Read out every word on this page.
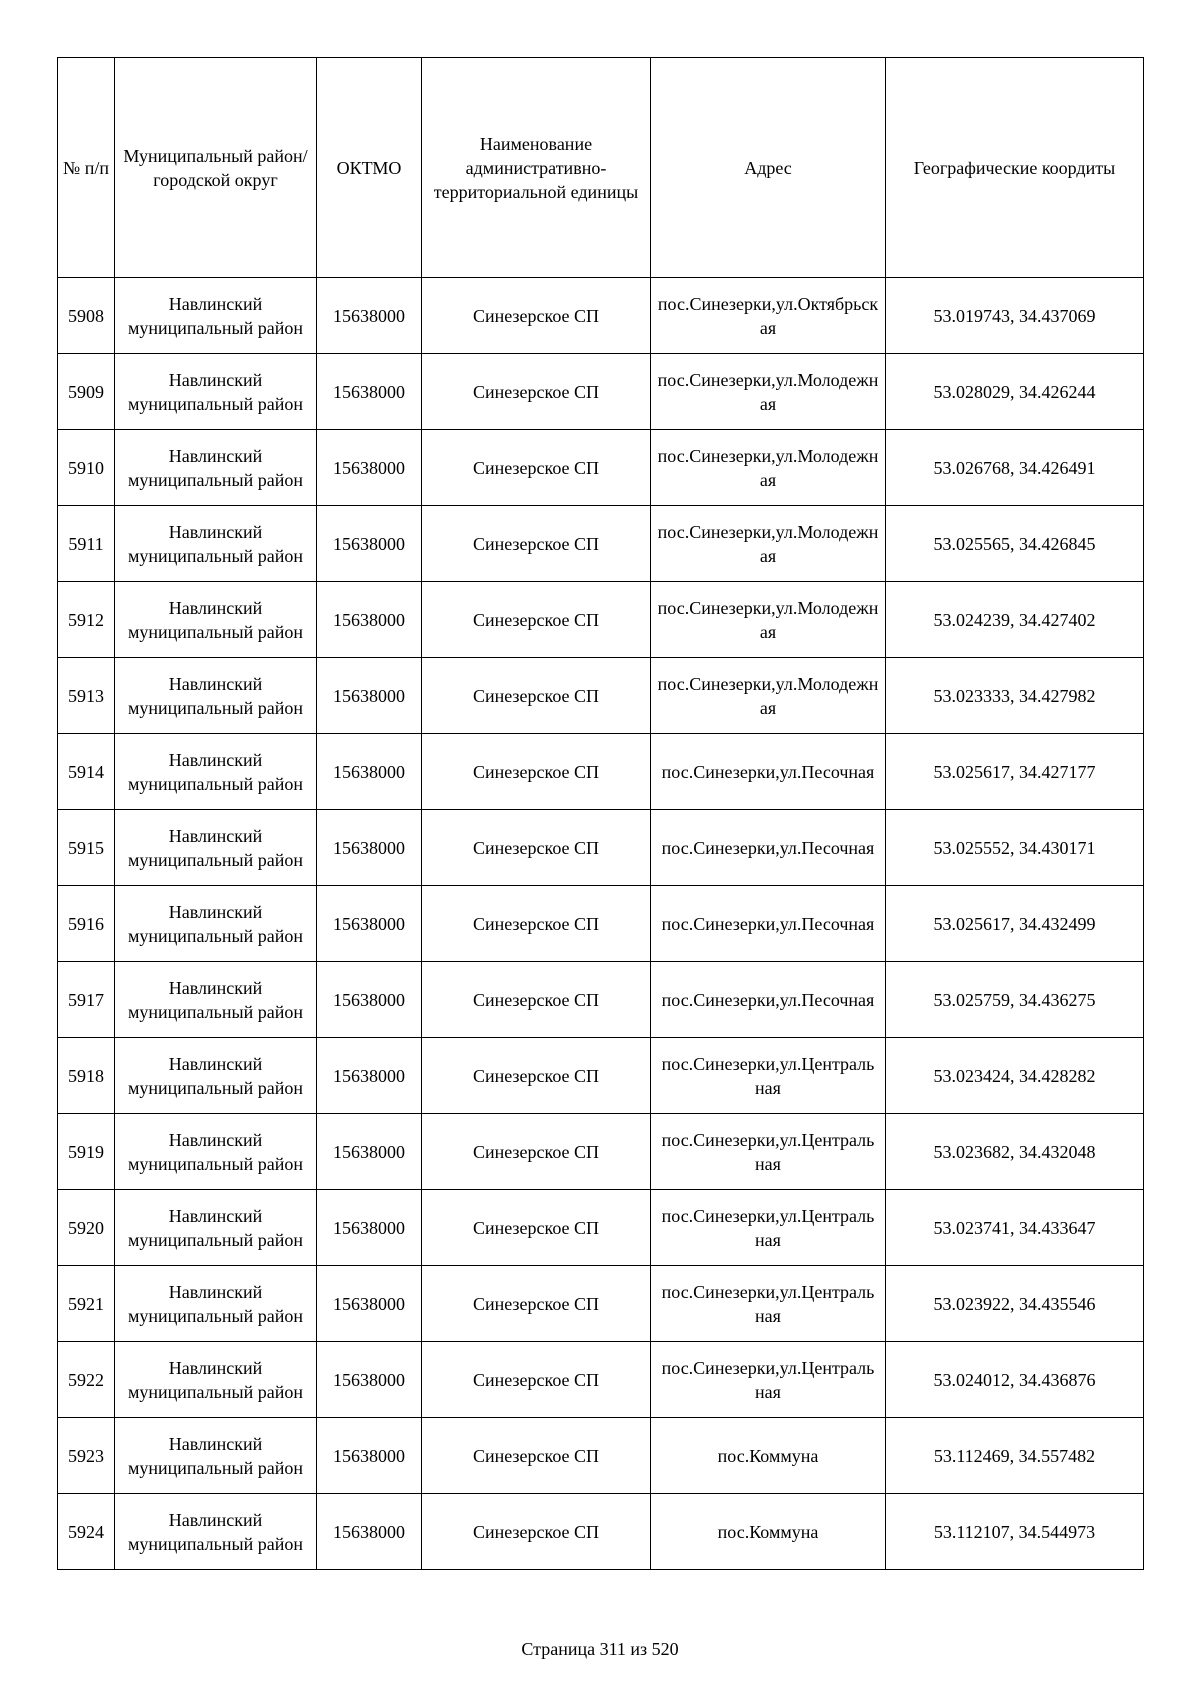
№ п/п	Муниципальный район/городской округ	ОКТМО	Наименование административно-территориальной единицы	Адрес	Географические коордиты
5908	Навлинский муниципальный район	15638000	Синезерское СП	пос.Синезерки,ул.Октябрьская	53.019743, 34.437069
5909	Навлинский муниципальный район	15638000	Синезерское СП	пос.Синезерки,ул.Молодежная	53.028029, 34.426244
5910	Навлинский муниципальный район	15638000	Синезерское СП	пос.Синезерки,ул.Молодежная	53.026768, 34.426491
5911	Навлинский муниципальный район	15638000	Синезерское СП	пос.Синезерки,ул.Молодежная	53.025565, 34.426845
5912	Навлинский муниципальный район	15638000	Синезерское СП	пос.Синезерки,ул.Молодежная	53.024239, 34.427402
5913	Навлинский муниципальный район	15638000	Синезерское СП	пос.Синезерки,ул.Молодежная	53.023333, 34.427982
5914	Навлинский муниципальный район	15638000	Синезерское СП	пос.Синезерки,ул.Песочная	53.025617, 34.427177
5915	Навлинский муниципальный район	15638000	Синезерское СП	пос.Синезерки,ул.Песочная	53.025552, 34.430171
5916	Навлинский муниципальный район	15638000	Синезерское СП	пос.Синезерки,ул.Песочная	53.025617, 34.432499
5917	Навлинский муниципальный район	15638000	Синезерское СП	пос.Синезерки,ул.Песочная	53.025759, 34.436275
5918	Навлинский муниципальный район	15638000	Синезерское СП	пос.Синезерки,ул.Центральная	53.023424, 34.428282
5919	Навлинский муниципальный район	15638000	Синезерское СП	пос.Синезерки,ул.Центральная	53.023682, 34.432048
5920	Навлинский муниципальный район	15638000	Синезерское СП	пос.Синезерки,ул.Центральная	53.023741, 34.433647
5921	Навлинский муниципальный район	15638000	Синезерское СП	пос.Синезерки,ул.Центральная	53.023922, 34.435546
5922	Навлинский муниципальный район	15638000	Синезерское СП	пос.Синезерки,ул.Центральная	53.024012, 34.436876
5923	Навлинский муниципальный район	15638000	Синезерское СП	пос.Коммуна	53.112469, 34.557482
5924	Навлинский муниципальный район	15638000	Синезерское СП	пос.Коммуна	53.112107, 34.544973
Страница 311 из 520
